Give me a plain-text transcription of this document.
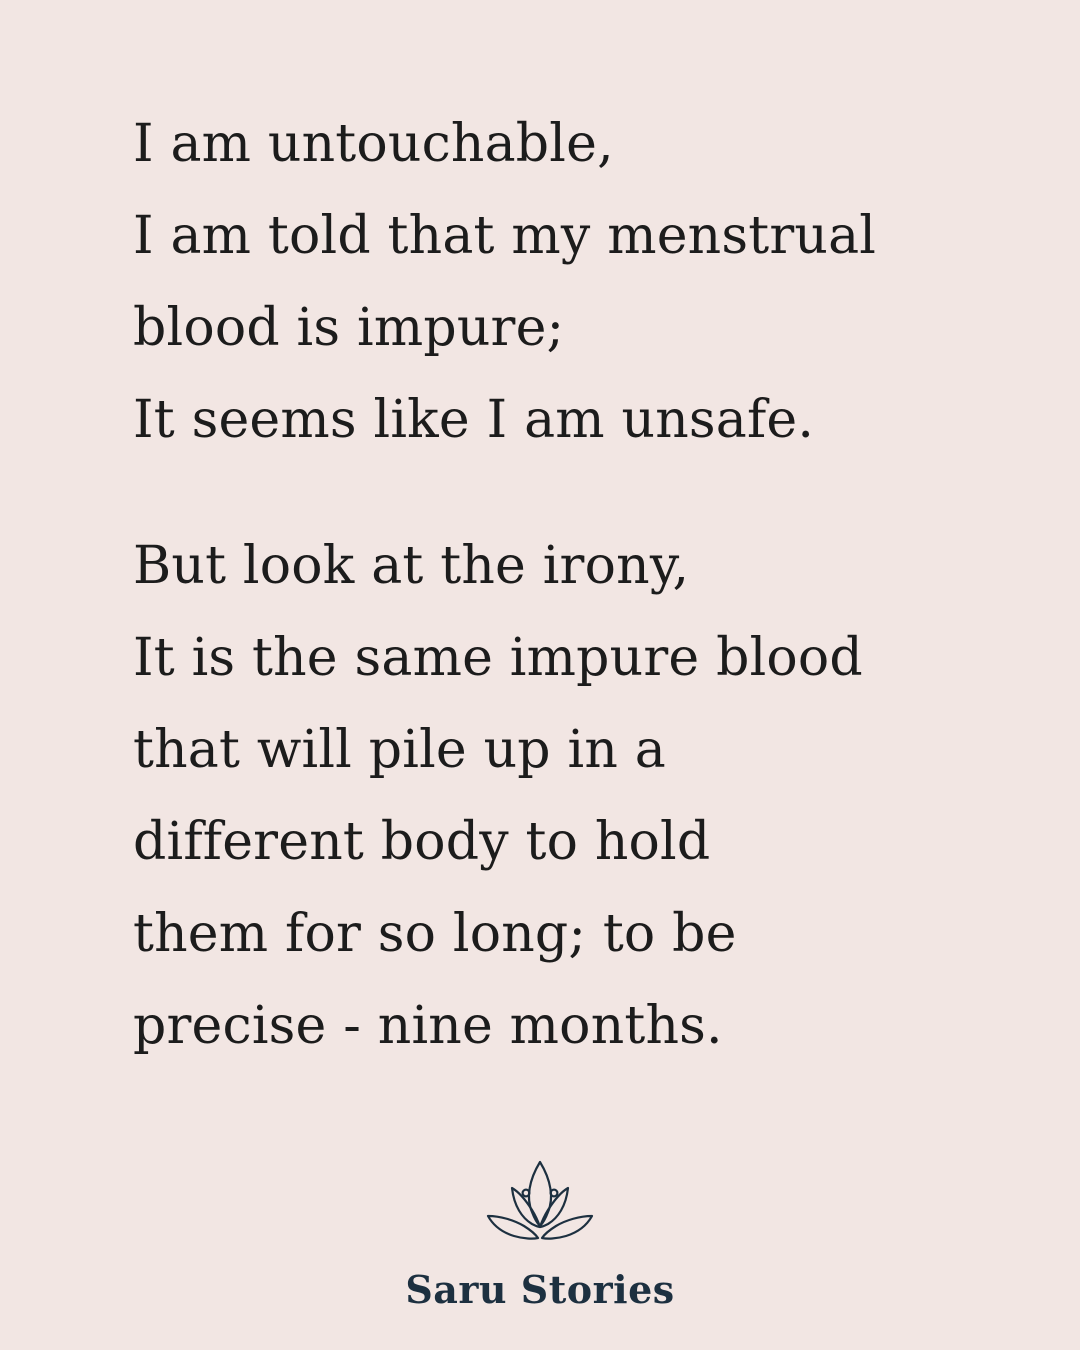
I am untouchable,
I am told that my menstrual
blood is impure;
It seems like I am unsafe.
But look at the irony,
It is the same impure blood
that will pile up in a
different body to hold
them for so long; to be
precise - nine months.
Saru Stories
